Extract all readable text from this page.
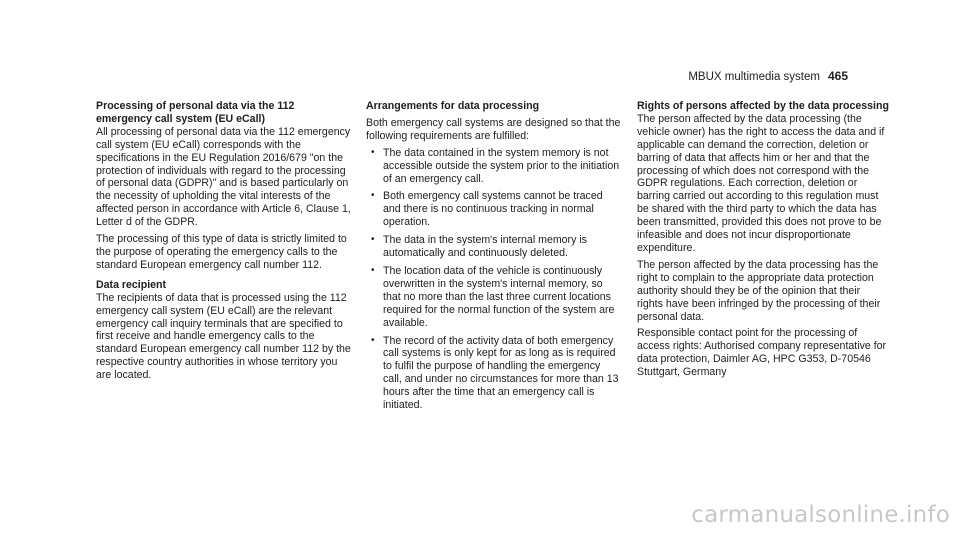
MBUX multimedia system 465

Processing of personal data via the 112 emergency call system (EU eCall)

All processing of personal data via the 112 emergency call system (EU eCall) corresponds with the specifications in the EU Regulation 2016/679 "on the protection of individuals with regard to the processing of personal data (GDPR)" and is based particularly on the necessity of upholding the vital interests of the affected person in accordance with Article 6, Clause 1, Letter d of the GDPR.

The processing of this type of data is strictly limited to the purpose of operating the emergency calls to the standard European emergency call number 112.

Data recipient

The recipients of data that is processed using the 112 emergency call system (EU eCall) are the relevant emergency call inquiry terminals that are specified to first receive and handle emergency calls to the standard European emergency call number 112 by the respective country authorities in whose territory you are located.

Arrangements for data processing

Both emergency call systems are designed so that the following requirements are fulfilled:

• The data contained in the system memory is not accessible outside the system prior to the initiation of an emergency call.
• Both emergency call systems cannot be traced and there is no continuous tracking in normal operation.
• The data in the system's internal memory is automatically and continuously deleted.
• The location data of the vehicle is continuously overwritten in the system's internal memory, so that no more than the last three current locations required for the normal function of the system are available.
• The record of the activity data of both emergency call systems is only kept for as long as is required to fulfil the purpose of handling the emergency call, and under no circumstances for more than 13 hours after the time that an emergency call is initiated.

Rights of persons affected by the data processing

The person affected by the data processing (the vehicle owner) has the right to access the data and if applicable can demand the correction, deletion or barring of data that affects him or her and that the processing of which does not correspond with the GDPR regulations. Each correction, deletion or barring carried out according to this regulation must be shared with the third party to which the data has been transmitted, provided this does not prove to be infeasible and does not incur disproportionate expenditure.

The person affected by the data processing has the right to complain to the appropriate data protection authority should they be of the opinion that their rights have been infringed by the processing of their personal data.

Responsible contact point for the processing of access rights: Authorised company representative for data protection, Daimler AG, HPC G353, D-70546 Stuttgart, Germany

carmanualsonline.info
